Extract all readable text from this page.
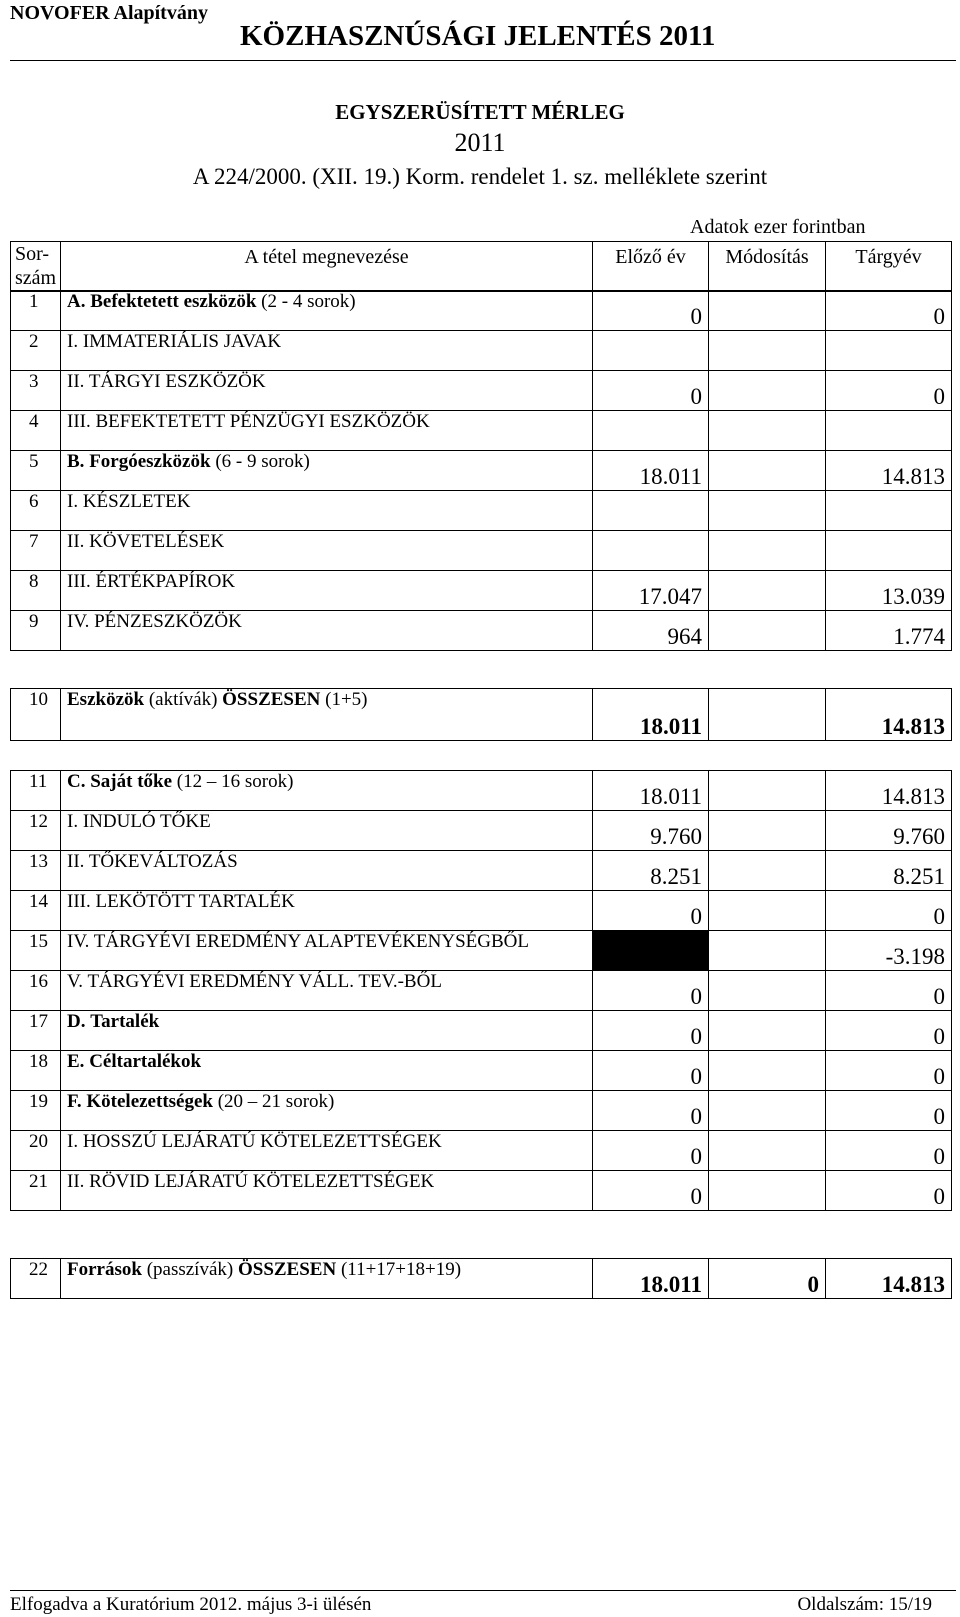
NOVOFER Alapítvány
KÖZHASZNÚSÁGI JELENTÉS 2011
EGYSZERÜSÍTETT MÉRLEG
2011
A 224/2000. (XII. 19.) Korm. rendelet 1. sz. melléklete szerint
Adatok ezer forintban
Sor-
szám
	A tétel megnevezése	Előző év	Módosítás	Tárgyév
1	A. Befektetett eszközök (2 - 4 sorok)	0		0
2	I. IMMATERIÁLIS JAVAK			
3	II. TÁRGYI ESZKÖZÖK	0		0
4	III. BEFEKTETETT PÉNZÜGYI ESZKÖZÖK			
5	B. Forgóeszközök (6 - 9 sorok)	18.011		14.813
6	I. KÉSZLETEK			
7	II. KÖVETELÉSEK			
8	III. ÉRTÉKPAPÍROK	17.047		13.039
9	IV. PÉNZESZKÖZÖK	964		1.774
10	Eszközök (aktívák) ÖSSZESEN (1+5)	18.011		14.813
11	C. Saját tőke (12 – 16 sorok)	18.011		14.813
12	I. INDULÓ TŐKE	9.760		9.760
13	II. TŐKEVÁLTOZÁS	8.251		8.251
14	III. LEKÖTÖTT TARTALÉK	0		0
15	IV. TÁRGYÉVI EREDMÉNY ALAPTEVÉKENYSÉGBŐL			-3.198
16	V. TÁRGYÉVI EREDMÉNY VÁLL. TEV.-BŐL	0		0
17	D. Tartalék	0		0
18	E. Céltartalékok	0		0
19	F. Kötelezettségek (20 – 21 sorok)	0		0
20	I. HOSSZÚ LEJÁRATÚ KÖTELEZETTSÉGEK	0		0
21	II. RÖVID LEJÁRATÚ KÖTELEZETTSÉGEK	0		0
22	Források (passzívák) ÖSSZESEN (11+17+18+19)	18.011	0	14.813
Elfogadva a Kuratórium 2012. május 3-i ülésén	Oldalszám: 15/19
